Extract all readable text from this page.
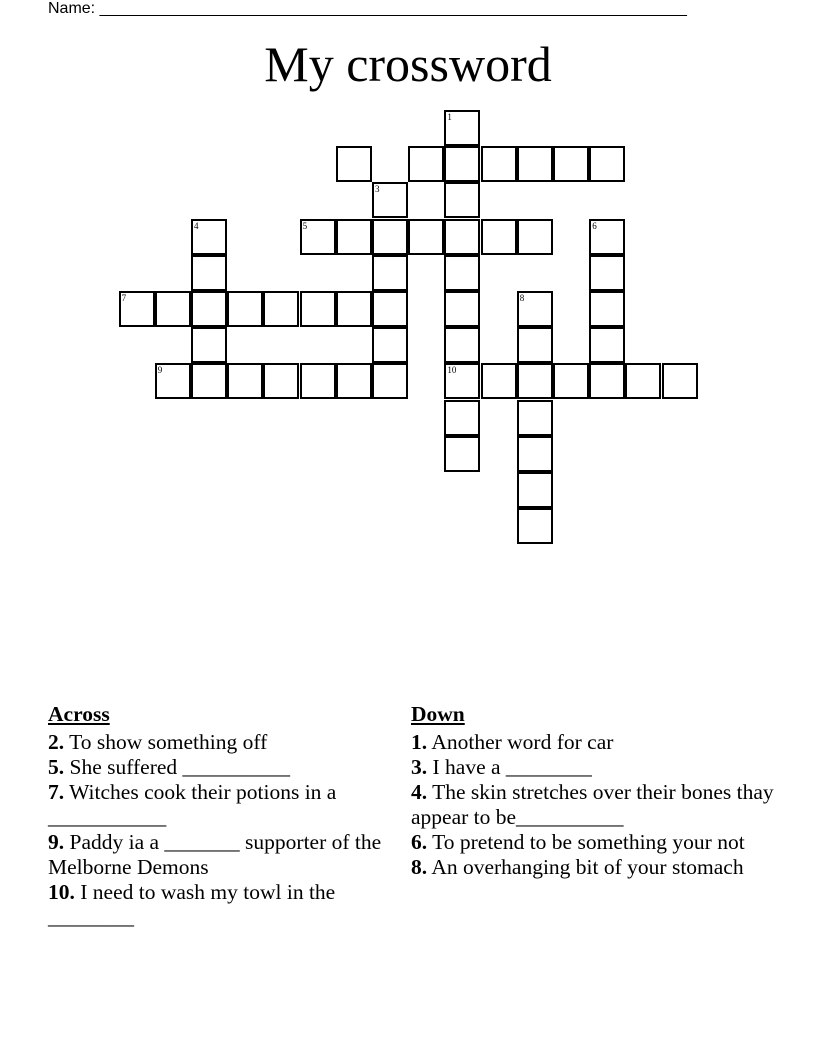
Name: __________________________________________________________________
My crossword
1
10
3
4	5	6
7	8
9
Across
2. To show something off
5. She suffered __________
7. Witches cook their potions in a ___________
9. Paddy ia a _______ supporter of the Melborne Demons
10. I need to wash my towl in the ________
Down
1. Another word for car
3. I have a ________
4. The skin stretches over their bones thay appear to be__________
6. To pretend to be something your not
8. An overhanging bit of your stomach
